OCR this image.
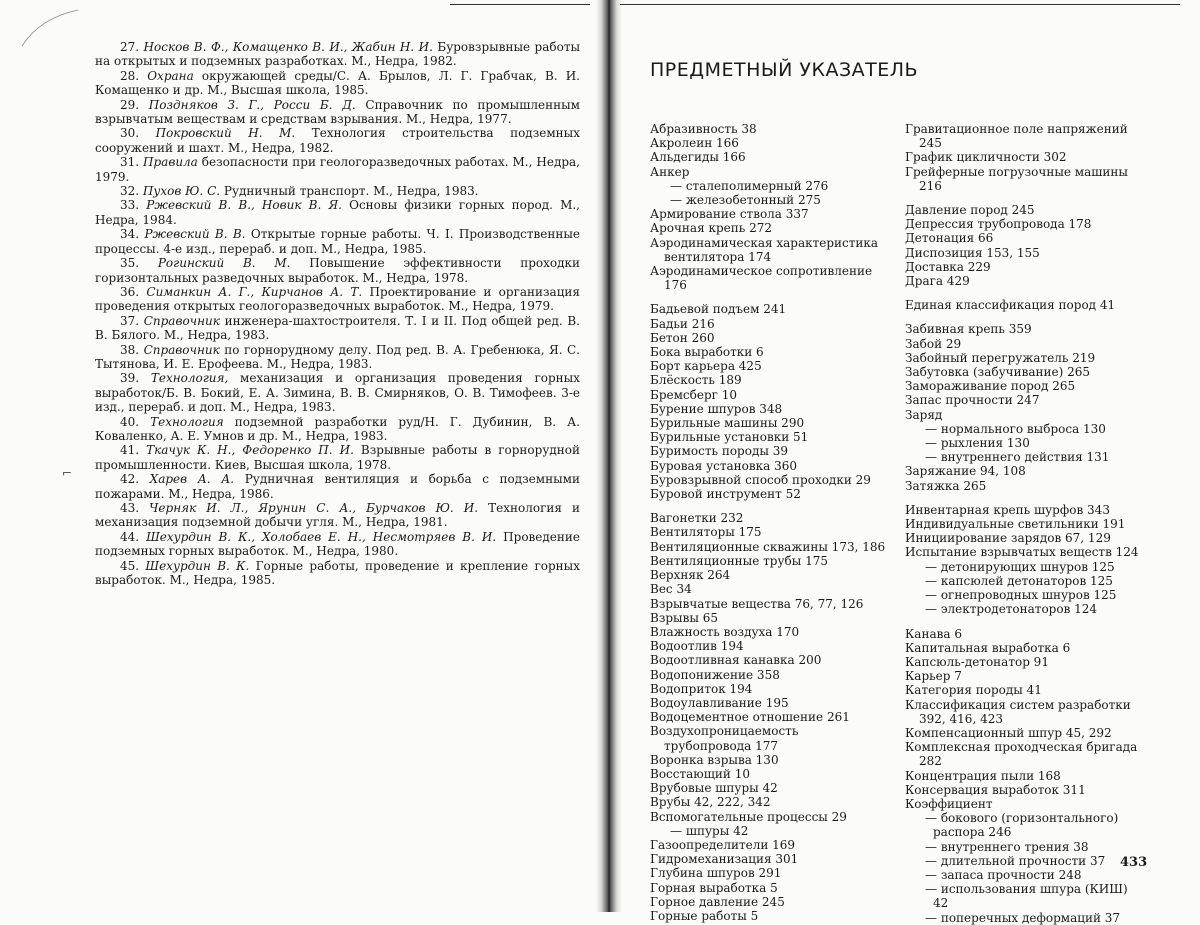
⌐

27. Носков В. Ф., Комащенко В. И., Жабин Н. И. Буровзрывные работы на открытых и подземных разработках. М., Недра, 1982.

28. Охрана окружающей среды/С. А. Брылов, Л. Г. Грабчак, В. И. Комащенко и др. М., Высшая школа, 1985.

29. Поздняков З. Г., Росси Б. Д. Справочник по промышленным взрывчатым веществам и средствам взрывания. М., Недра, 1977.

30. Покровский Н. М. Технология строительства подземных сооружений и шахт. М., Недра, 1982.

31. Правила безопасности при геологоразведочных работах. М., Недра, 1979.

32. Пухов Ю. С. Рудничный транспорт. М., Недра, 1983.

33. Ржевский В. В., Новик В. Я. Основы физики горных пород. М., Недра, 1984.

34. Ржевский В. В. Открытые горные работы. Ч. I. Производственные процессы. 4-е изд., перераб. и доп. М., Недра, 1985.

35. Рогинский В. М. Повышение эффективности проходки горизонтальных разведочных выработок. М., Недра, 1978.

36. Симанкин А. Г., Кирчанов А. Т. Проектирование и организация проведения открытых геологоразведочных выработок. М., Недра, 1979.

37. Справочник инженера-шахтостроителя. Т. I и II. Под общей ред. В. В. Бялого. М., Недра, 1983.

38. Справочник по горнорудному делу. Под ред. В. А. Гребенюка, Я. С. Тытянова, И. Е. Ерофеева. М., Недра, 1983.

39. Технология, механизация и организация проведения горных выработок/Б. В. Бокий, Е. А. Зимина, В. В. Смирняков, О. В. Тимофеев. 3-е изд., перераб. и доп. М., Недра, 1983.

40. Технология подземной разработки руд/Н. Г. Дубинин, В. А. Коваленко, А. Е. Умнов и др. М., Недра, 1983.

41. Ткачук К. Н., Федоренко П. И. Взрывные работы в горнорудной промышленности. Киев, Высшая школа, 1978.

42. Харев А. А. Рудничная вентиляция и борьба с подземными пожарами. М., Недра, 1986.

43. Черняк И. Л., Ярунин С. А., Бурчаков Ю. И. Технология и механизация подземной добычи угля. М., Недра, 1981.

44. Шехурдин В. К., Холобаев Е. Н., Несмотряев В. И. Проведение подземных горных выработок. М., Недра, 1980.

45. Шехурдин В. К. Горные работы, проведение и крепление горных выработок. М., Недра, 1985.

ПРЕДМЕТНЫЙ УКАЗАТЕЛЬ

Абразивность 38

Акролеин 166

Альдегиды 166

Анкер

— сталеполимерный 276

— железобетонный 275

Армирование ствола 337

Арочная крепь 272

Аэродинамическая характеристика вентилятора 174

Аэродинамическое сопротивление 176

Бадьевой подъем 241

Бадьи 216

Бетон 260

Бока выработки 6

Борт карьера 425

Блёскость 189

Бремсберг 10

Бурение шпуров 348

Бурильные машины 290

Бурильные установки 51

Буримость породы 39

Буровая установка 360

Буровзрывной способ проходки 29

Буровой инструмент 52

Вагонетки 232

Вентиляторы 175

Вентиляционные скважины 173, 186

Вентиляционные трубы 175

Верхняк 264

Вес 34

Взрывчатые вещества 76, 77, 126

Взрывы 65

Влажность воздуха 170

Водоотлив 194

Водоотливная канавка 200

Водопонижение 358

Водоприток 194

Водоулавливание 195

Водоцементное отношение 261

Воздухопроницаемость трубопровода 177

Воронка взрыва 130

Восстающий 10

Врубовые шпуры 42

Врубы 42, 222, 342

Вспомогательные процессы 29

— шпуры 42

Газоопределители 169

Гидромеханизация 301

Глубина шпуров 291

Горная выработка 5

Горное давление 245

Горные работы 5

Гравитационное поле напряжений 245

График цикличности 302

Грейферные погрузочные машины 216

Давление пород 245

Депрессия трубопровода 178

Детонация 66

Диспозиция 153, 155

Доставка 229

Драга 429

Единая классификация пород 41

Забивная крепь 359

Забой 29

Забойный перегружатель 219

Забутовка (забучивание) 265

Замораживание пород 265

Запас прочности 247

Заряд

— нормального выброса 130

— рыхления 130

— внутреннего действия 131

Заряжание 94, 108

Затяжка 265

Инвентарная крепь шурфов 343

Индивидуальные светильники 191

Инициирование зарядов 67, 129

Испытание взрывчатых веществ 124

— детонирующих шнуров 125

— капсюлей детонаторов 125

— огнепроводных шнуров 125

— электродетонаторов 124

Канава 6

Капитальная выработка 6

Капсюль-детонатор 91

Карьер 7

Категория породы 41

Классификация систем разработки 392, 416, 423

Компенсационный шпур 45, 292

Комплексная проходческая бригада 282

Концентрация пыли 168

Консервация выработок 311

Коэффициент

— бокового (горизонтального) распора 246

— внутреннего трения 38

— длительной прочности 37

— запаса прочности 248

— использования шпура (КИШ) 42

— поперечных деформаций 37

433
